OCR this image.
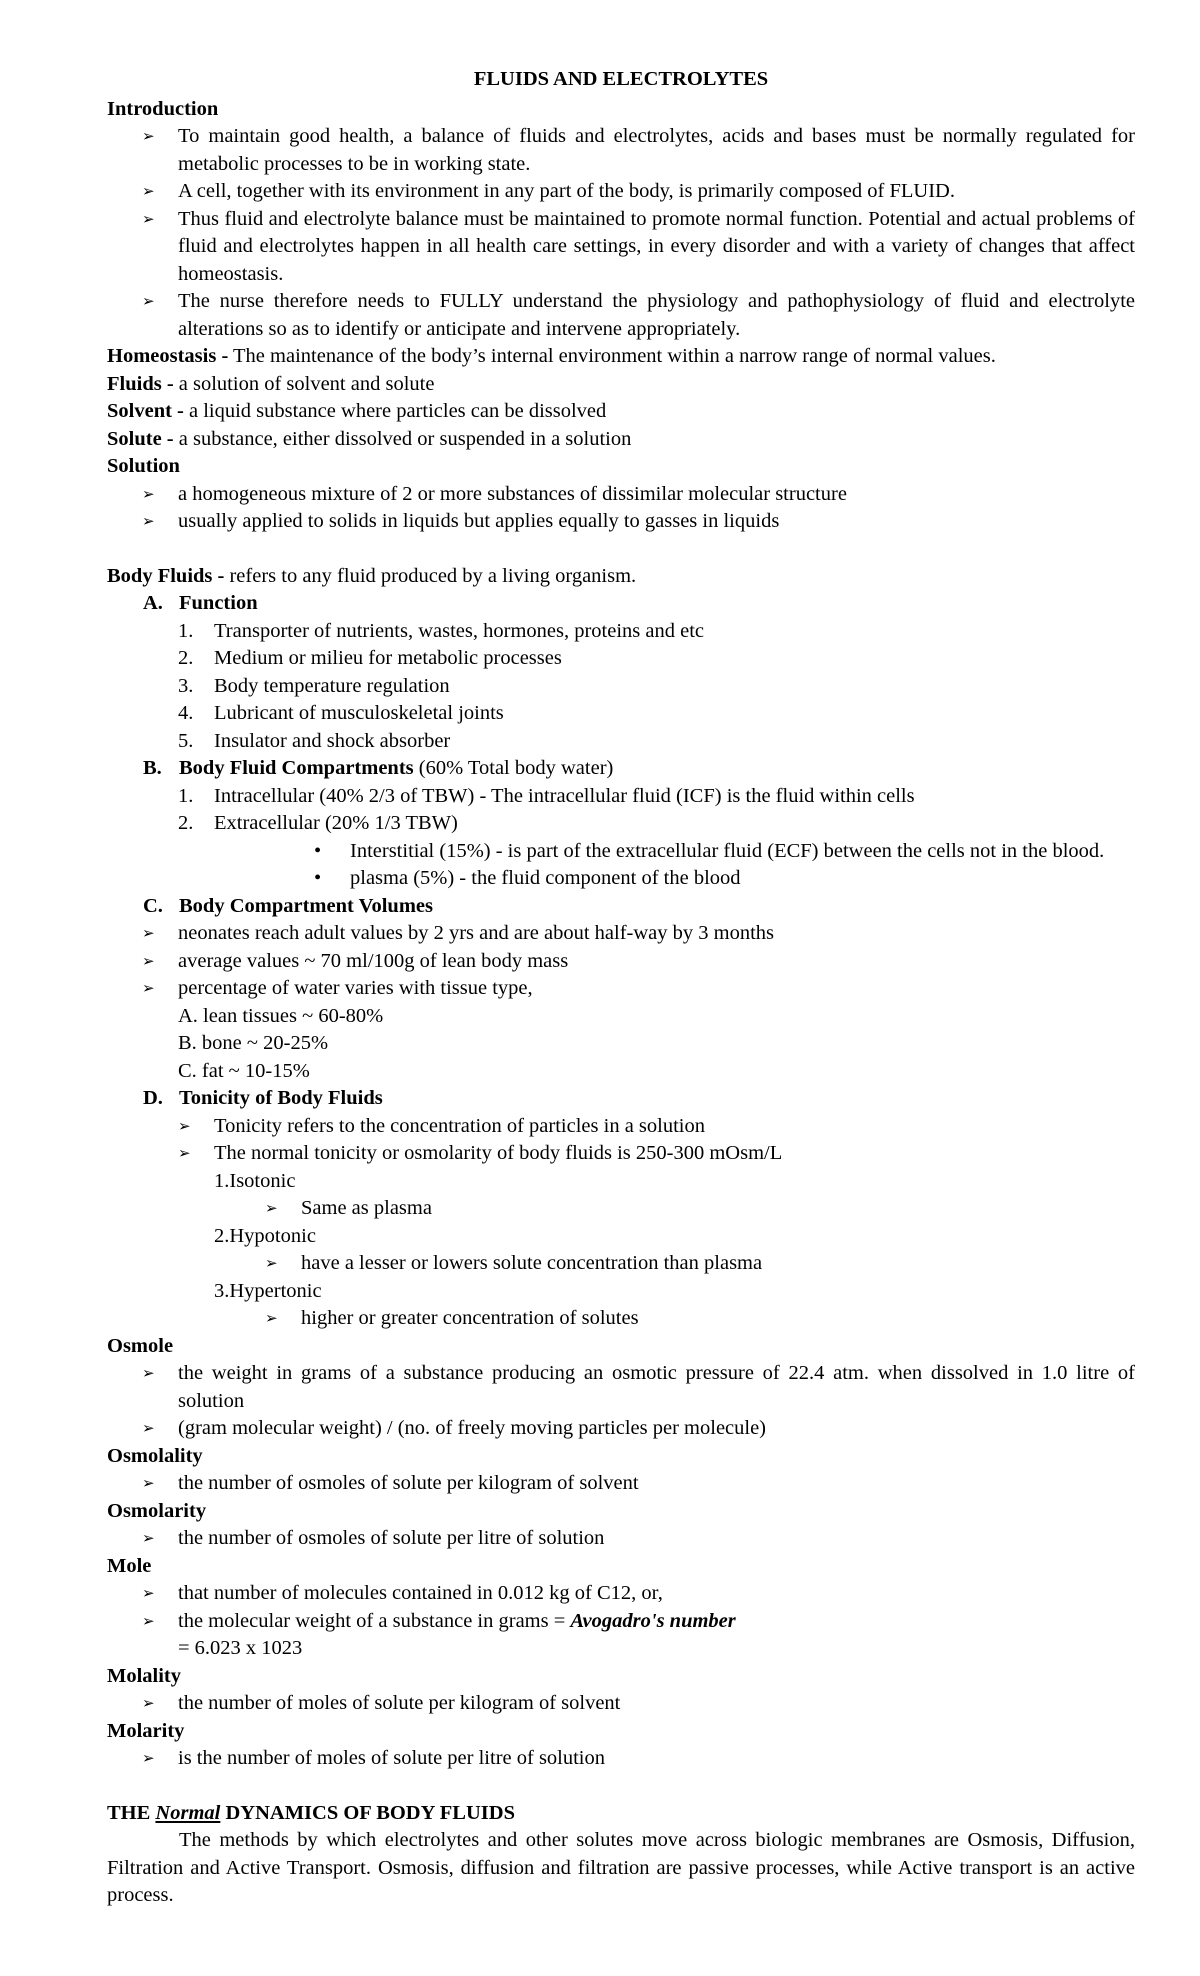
FLUIDS AND ELECTROLYTES
Introduction
➢ To maintain good health, a balance of fluids and electrolytes, acids and bases must be normally regulated for metabolic processes to be in working state.
➢ A cell, together with its environment in any part of the body, is primarily composed of FLUID.
➢ Thus fluid and electrolyte balance must be maintained to promote normal function. Potential and actual problems of fluid and electrolytes happen in all health care settings, in every disorder and with a variety of changes that affect homeostasis.
➢ The nurse therefore needs to FULLY understand the physiology and pathophysiology of fluid and electrolyte alterations so as to identify or anticipate and intervene appropriately.
Homeostasis - The maintenance of the body’s internal environment within a narrow range of normal values.
Fluids - a solution of solvent and solute
Solvent - a liquid substance where particles can be dissolved
Solute - a substance, either dissolved or suspended in a solution
Solution
➢ a homogeneous mixture of 2 or more substances of dissimilar molecular structure
➢ usually applied to solids in liquids but applies equally to gasses in liquids
Body Fluids - refers to any fluid produced by a living organism.
A. Function
1.	Transporter of nutrients, wastes, hormones, proteins and etc
2.	Medium or milieu for metabolic processes
3.	Body temperature regulation
4.	Lubricant of musculoskeletal joints
5.	Insulator and shock absorber
B. Body Fluid Compartments (60% Total body water)
1.	Intracellular (40% 2/3 of TBW) - The intracellular fluid (ICF) is the fluid within cells
2.	Extracellular (20% 1/3 TBW)
• Interstitial (15%) - is part of the extracellular fluid (ECF) between the cells not in the blood.
• plasma (5%) - the fluid component of the blood
C. Body Compartment Volumes
➢ neonates reach adult values by 2 yrs and are about half-way by 3 months
➢ average values ~ 70 ml/100g of lean body mass
➢ percentage of water varies with tissue type,
A. lean tissues ~ 60-80%
B. bone ~ 20-25%
C. fat ~ 10-15%
D. Tonicity of Body Fluids
➢ Tonicity refers to the concentration of particles in a solution
➢ The normal tonicity or osmolarity of body fluids is 250-300 mOsm/L
1.Isotonic
➢ Same as plasma
2.Hypotonic
➢ have a lesser or lowers solute concentration than plasma
3.Hypertonic
➢ higher or greater concentration of solutes
Osmole
➢ the weight in grams of a substance producing an osmotic pressure of 22.4 atm. when dissolved in 1.0 litre of solution
➢ (gram molecular weight) / (no. of freely moving particles per molecule)
Osmolality
➢ the number of osmoles of solute per kilogram of solvent
Osmolarity
➢ the number of osmoles of solute per litre of solution
Mole
➢ that number of molecules contained in 0.012 kg of C12, or,
➢ the molecular weight of a substance in grams = Avogadro's number
= 6.023 x 1023
Molality
➢ the number of moles of solute per kilogram of solvent
Molarity
➢ is the number of moles of solute per litre of solution
THE Normal DYNAMICS OF BODY FLUIDS
The methods by which electrolytes and other solutes move across biologic membranes are Osmosis, Diffusion, Filtration and Active Transport. Osmosis, diffusion and filtration are passive processes, while Active transport is an active process.
